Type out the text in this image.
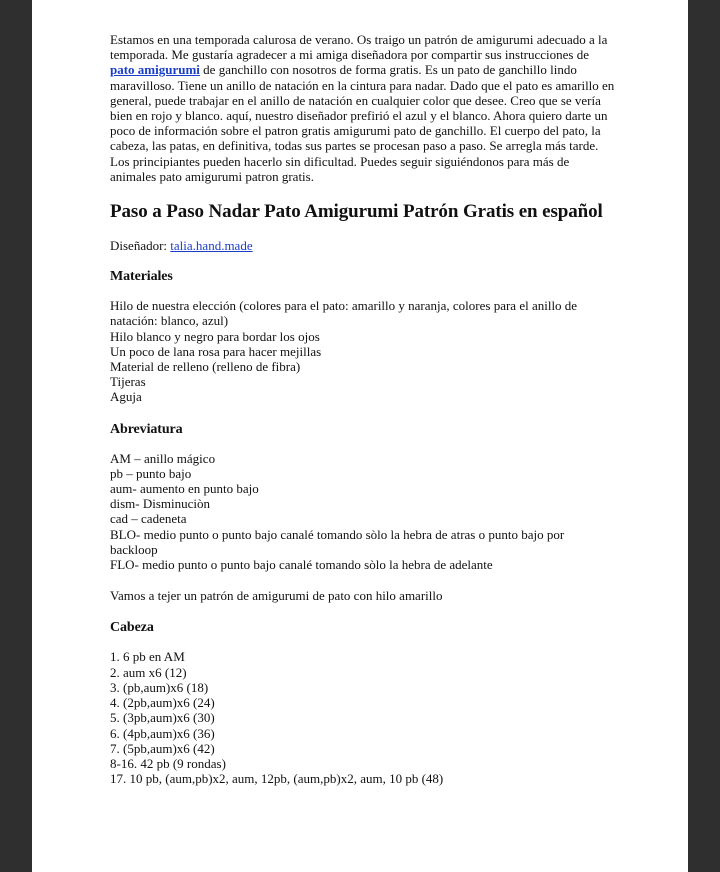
Estamos en una temporada calurosa de verano. Os traigo un patrón de amigurumi adecuado a la temporada. Me gustaría agradecer a mi amiga diseñadora por compartir sus instrucciones de pato amigurumi de ganchillo con nosotros de forma gratis. Es un pato de ganchillo lindo maravilloso. Tiene un anillo de natación en la cintura para nadar. Dado que el pato es amarillo en general, puede trabajar en el anillo de natación en cualquier color que desee. Creo que se vería bien en rojo y blanco. aquí, nuestro diseñador prefirió el azul y el blanco. Ahora quiero darte un poco de información sobre el patron gratis amigurumi pato de ganchillo. El cuerpo del pato, la cabeza, las patas, en definitiva, todas sus partes se procesan paso a paso. Se arregla más tarde. Los principiantes pueden hacerlo sin dificultad. Puedes seguir siguiéndonos para más de animales pato amigurumi patron gratis.

Paso a Paso Nadar Pato Amigurumi Patrón Gratis en español

Diseñador: talia.hand.made

Materiales

Hilo de nuestra elección (colores para el pato: amarillo y naranja, colores para el anillo de natación: blanco, azul)

Hilo blanco y negro para bordar los ojos

Un poco de lana rosa para hacer mejillas

Material de relleno (relleno de fibra)

Tijeras

Aguja

Abreviatura

AM – anillo mágico

pb – punto bajo

aum- aumento en punto bajo

dism- Disminuciòn

cad – cadeneta

BLO- medio punto o punto bajo canalé tomando sòlo la hebra de atras o punto bajo por backloop

FLO- medio punto o punto bajo canalé tomando sòlo la hebra de adelante

Vamos a tejer un patrón de amigurumi de pato con hilo amarillo

Cabeza

1. 6 pb en AM

2. aum x6 (12)

3. (pb,aum)x6 (18)

4. (2pb,aum)x6 (24)

5. (3pb,aum)x6 (30)

6. (4pb,aum)x6 (36)

7. (5pb,aum)x6 (42)

8-16. 42 pb (9 rondas)

17. 10 pb, (aum,pb)x2, aum, 12pb, (aum,pb)x2, aum, 10 pb (48)
